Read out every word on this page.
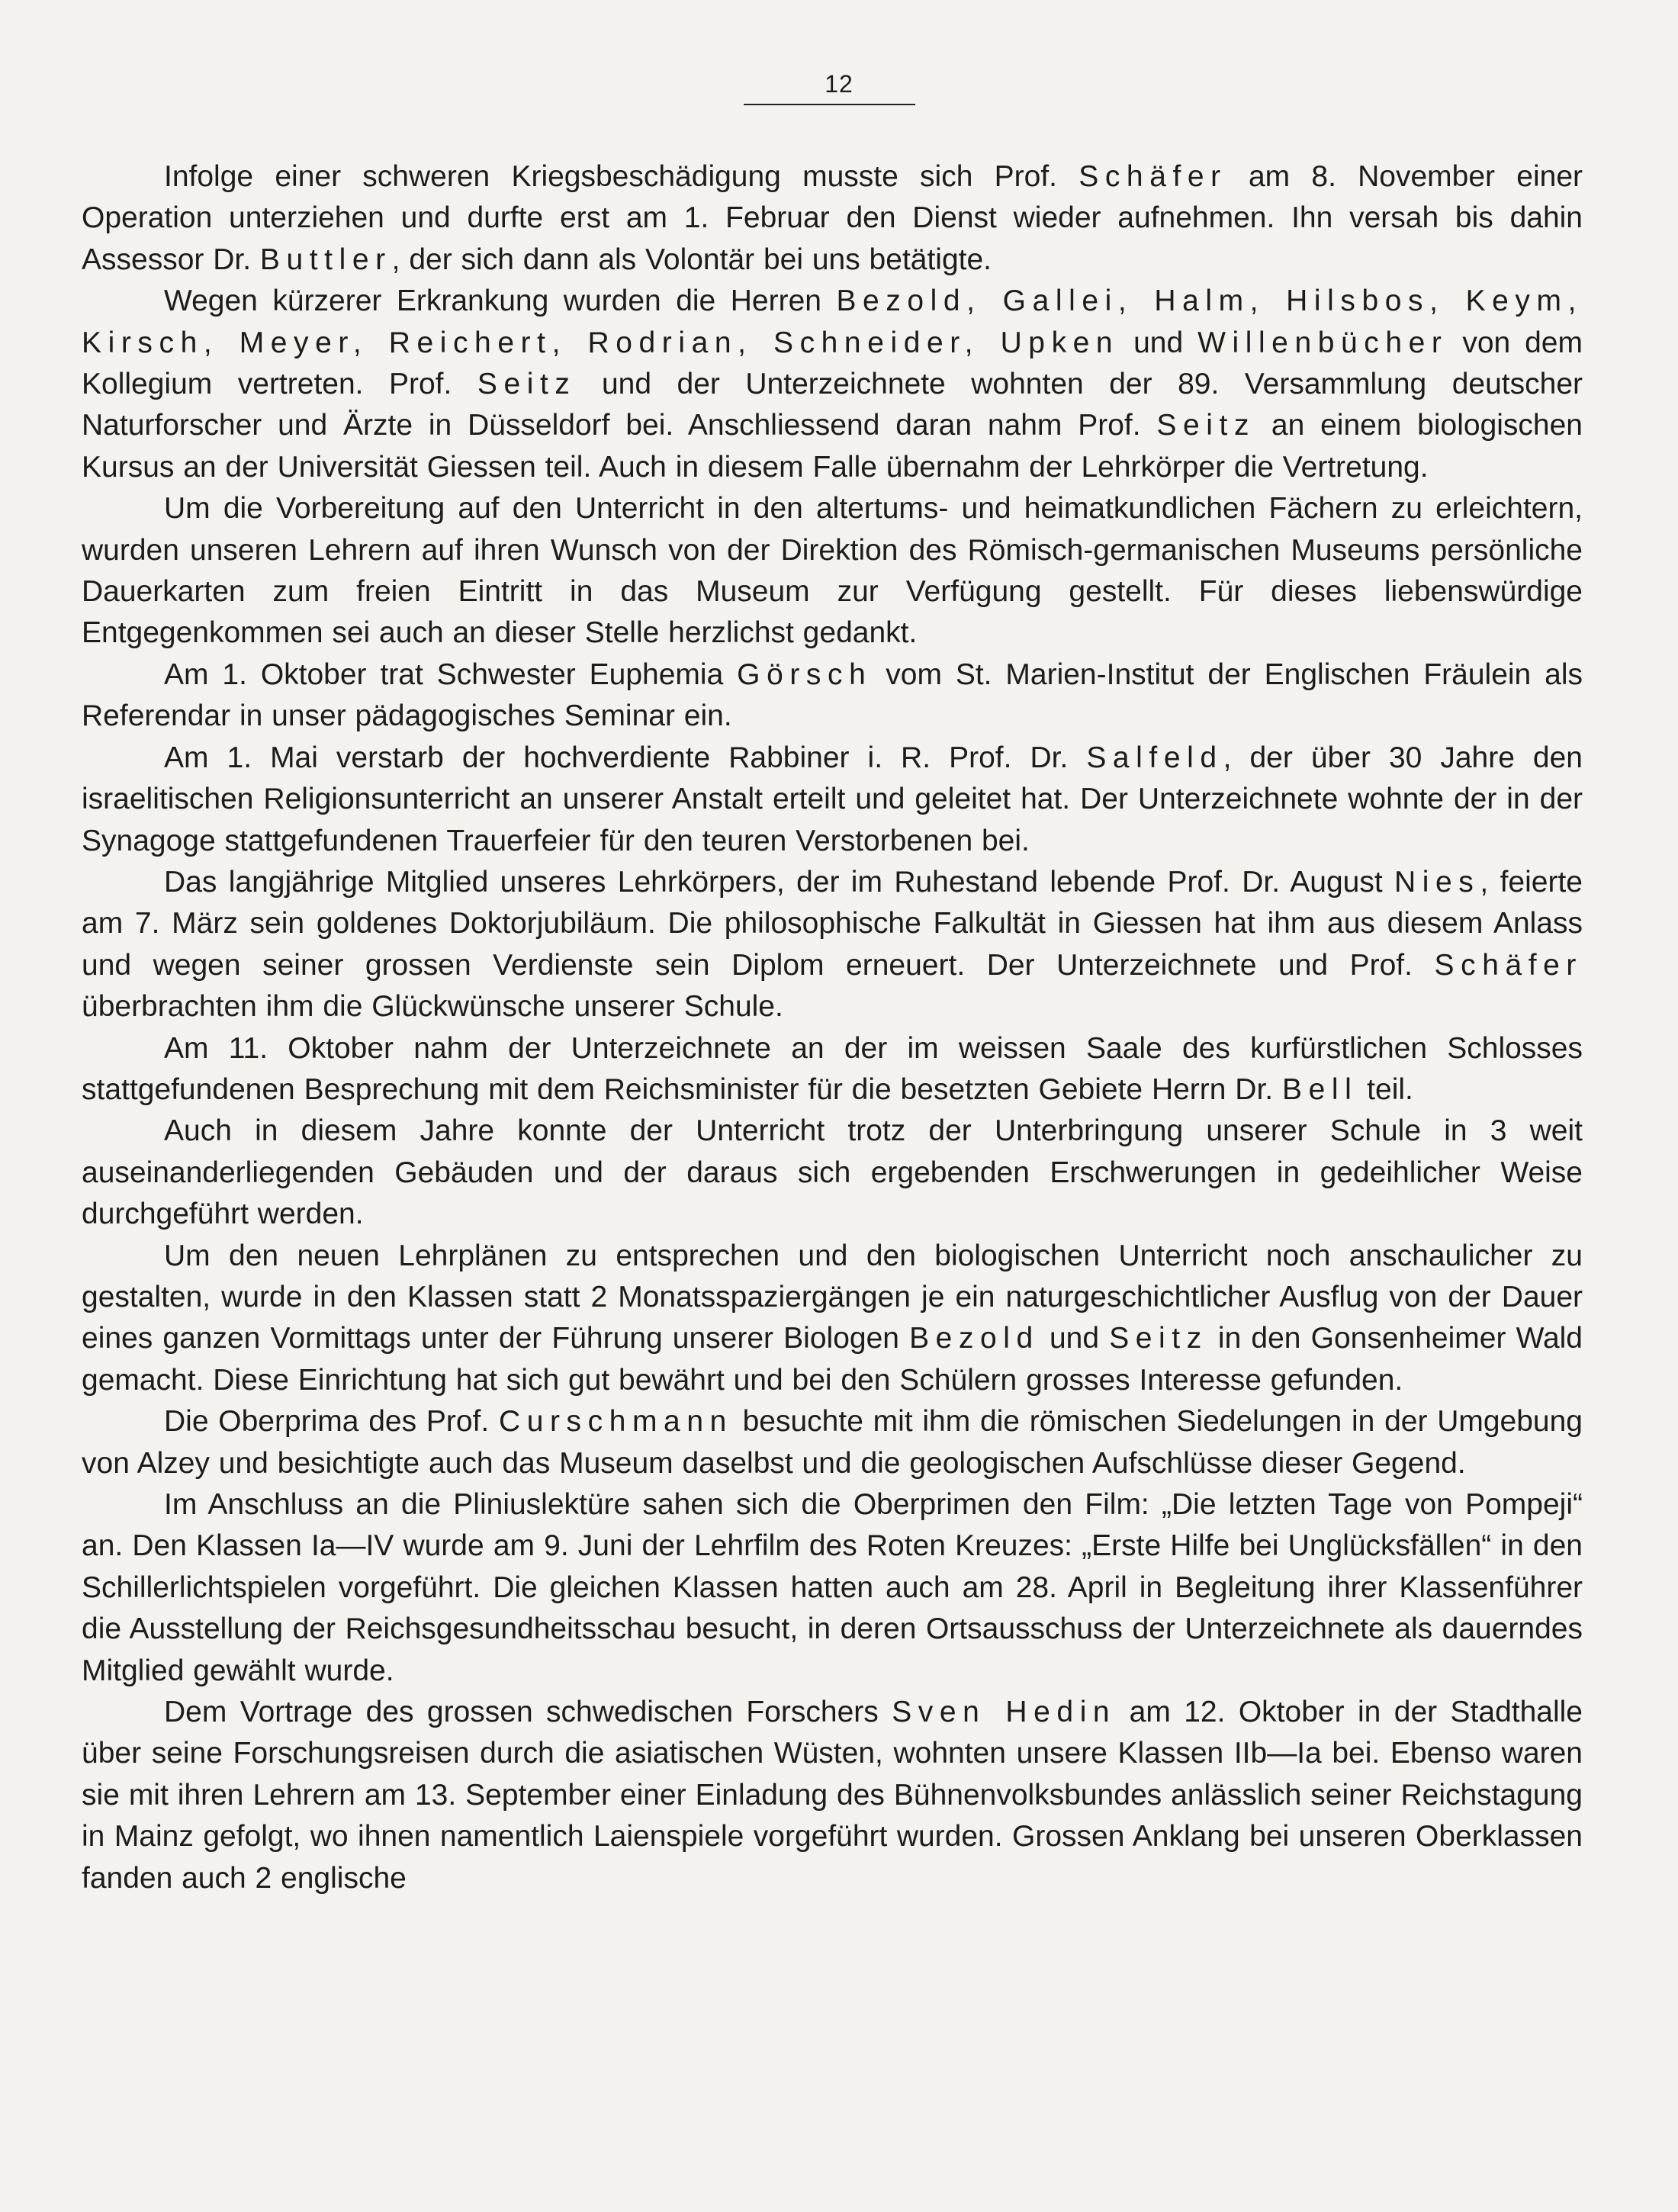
12

Infolge einer schweren Kriegsbeschädigung musste sich Prof. Schäfer am 8. November einer Operation unterziehen und durfte erst am 1. Februar den Dienst wieder aufnehmen. Ihn versah bis dahin Assessor Dr. Buttler, der sich dann als Volontär bei uns betätigte.

Wegen kürzerer Erkrankung wurden die Herren Bezold, Gallei, Halm, Hilsbos, Keym, Kirsch, Meyer, Reichert, Rodrian, Schneider, Upken und Willenbücher von dem Kollegium vertreten. Prof. Seitz und der Unterzeichnete wohnten der 89. Versammlung deutscher Naturforscher und Ärzte in Düsseldorf bei. Anschliessend daran nahm Prof. Seitz an einem biologischen Kursus an der Universität Giessen teil. Auch in diesem Falle übernahm der Lehrkörper die Vertretung.

Um die Vorbereitung auf den Unterricht in den altertums- und heimatkundlichen Fächern zu erleichtern, wurden unseren Lehrern auf ihren Wunsch von der Direktion des Römisch-germanischen Museums persönliche Dauerkarten zum freien Eintritt in das Museum zur Verfügung gestellt. Für dieses liebenswürdige Entgegenkommen sei auch an dieser Stelle herzlichst gedankt.

Am 1. Oktober trat Schwester Euphemia Görsch vom St. Marien-Institut der Englischen Fräulein als Referendar in unser pädagogisches Seminar ein.

Am 1. Mai verstarb der hochverdiente Rabbiner i. R. Prof. Dr. Salfeld, der über 30 Jahre den israelitischen Religionsunterricht an unserer Anstalt erteilt und geleitet hat. Der Unterzeichnete wohnte der in der Synagoge stattgefundenen Trauerfeier für den teuren Verstorbenen bei.

Das langjährige Mitglied unseres Lehrkörpers, der im Ruhestand lebende Prof. Dr. August Nies, feierte am 7. März sein goldenes Doktorjubiläum. Die philosophische Falkultät in Giessen hat ihm aus diesem Anlass und wegen seiner grossen Verdienste sein Diplom erneuert. Der Unterzeichnete und Prof. Schäfer überbrachten ihm die Glückwünsche unserer Schule.

Am 11. Oktober nahm der Unterzeichnete an der im weissen Saale des kurfürstlichen Schlosses stattgefundenen Besprechung mit dem Reichsminister für die besetzten Gebiete Herrn Dr. Bell teil.

Auch in diesem Jahre konnte der Unterricht trotz der Unterbringung unserer Schule in 3 weit auseinanderliegenden Gebäuden und der daraus sich ergebenden Erschwerungen in gedeihlicher Weise durchgeführt werden.

Um den neuen Lehrplänen zu entsprechen und den biologischen Unterricht noch anschaulicher zu gestalten, wurde in den Klassen statt 2 Monatsspaziergängen je ein naturgeschichtlicher Ausflug von der Dauer eines ganzen Vormittags unter der Führung unserer Biologen Bezold und Seitz in den Gonsenheimer Wald gemacht. Diese Einrichtung hat sich gut bewährt und bei den Schülern grosses Interesse gefunden.

Die Oberprima des Prof. Curschmann besuchte mit ihm die römischen Siedelungen in der Umgebung von Alzey und besichtigte auch das Museum daselbst und die geologischen Aufschlüsse dieser Gegend.

Im Anschluss an die Pliniuslektüre sahen sich die Oberprimen den Film: „Die letzten Tage von Pompeji“ an. Den Klassen Ia—IV wurde am 9. Juni der Lehrfilm des Roten Kreuzes: „Erste Hilfe bei Unglücksfällen“ in den Schillerlichtspielen vorgeführt. Die gleichen Klassen hatten auch am 28. April in Begleitung ihrer Klassenführer die Ausstellung der Reichsgesundheitsschau besucht, in deren Ortsausschuss der Unterzeichnete als dauerndes Mitglied gewählt wurde.

Dem Vortrage des grossen schwedischen Forschers Sven Hedin am 12. Oktober in der Stadthalle über seine Forschungsreisen durch die asiatischen Wüsten, wohnten unsere Klassen IIb—Ia bei. Ebenso waren sie mit ihren Lehrern am 13. September einer Einladung des Bühnenvolksbundes anlässlich seiner Reichstagung in Mainz gefolgt, wo ihnen namentlich Laienspiele vorgeführt wurden. Grossen Anklang bei unseren Oberklassen fanden auch 2 englische
